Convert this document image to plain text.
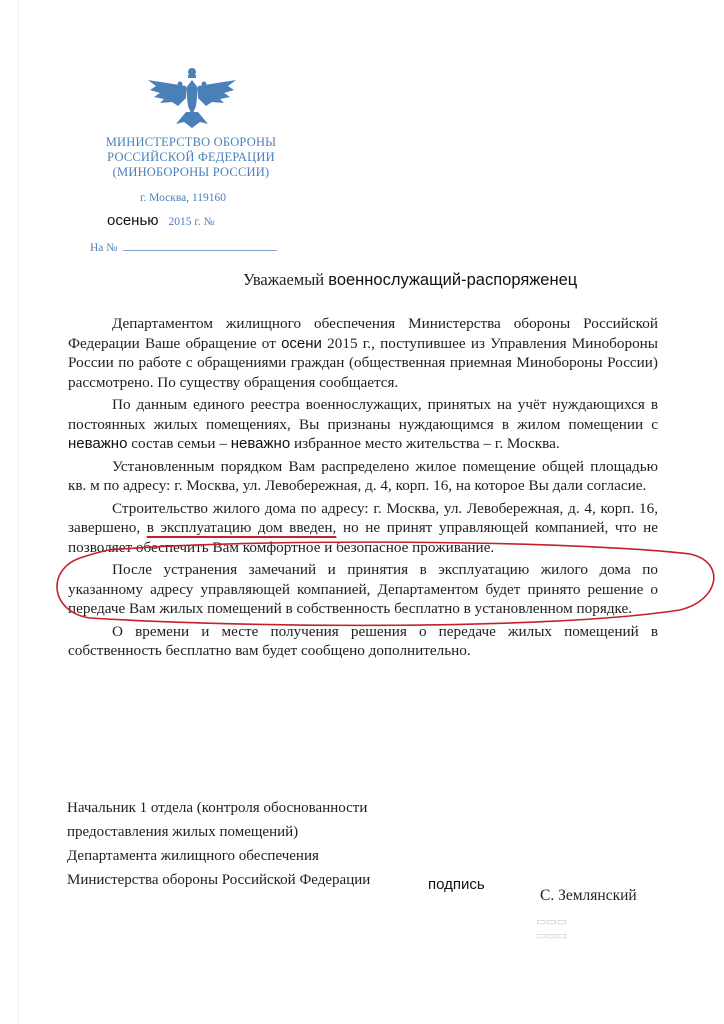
МИНИСТЕРСТВО ОБОРОНЫ
РОССИЙСКОЙ ФЕДЕРАЦИИ
(МИНОБОРОНЫ РОССИИ)
г. Москва, 119160
осенью 2015 г. №
На №
Уважаемый военнослужащий-распоряженец

Департаментом жилищного обеспечения Министерства обороны Российской Федерации Ваше обращение от осени 2015 г., поступившее из Управления Минобороны России по работе с обращениями граждан (общественная приемная Минобороны России) рассмотрено. По существу обращения сообщается.

По данным единого реестра военнослужащих, принятых на учёт нуждающихся в постоянных жилых помещениях, Вы признаны нуждающимся в жилом помещении с неважно состав семьи – неважно избранное место жительства – г. Москва.

Установленным порядком Вам распределено жилое помещение общей площадью кв. м по адресу: г. Москва, ул. Левобережная, д. 4, корп. 16, на которое Вы дали согласие.

Строительство жилого дома по адресу: г. Москва, ул. Левобережная, д. 4, корп. 16, завершено, в эксплуатацию дом введен, но не принят управляющей компанией, что не позволяет обеспечить Вам комфортное и безопасное проживание.

После устранения замечаний и принятия в эксплуатацию жилого дома по указанному адресу управляющей компанией, Департаментом будет принято решение о передаче Вам жилых помещений в собственность бесплатно в установленном порядке.

О времени и месте получения решения о передаче жилых помещений в собственность бесплатно вам будет сообщено дополнительно.

Начальник 1 отдела (контроля обоснованности
предоставления жилых помещений)
Департамента жилищного обеспечения
Министерства обороны Российской Федерации	подпись
С. Землянский
▭▭▭
▭▭▭
